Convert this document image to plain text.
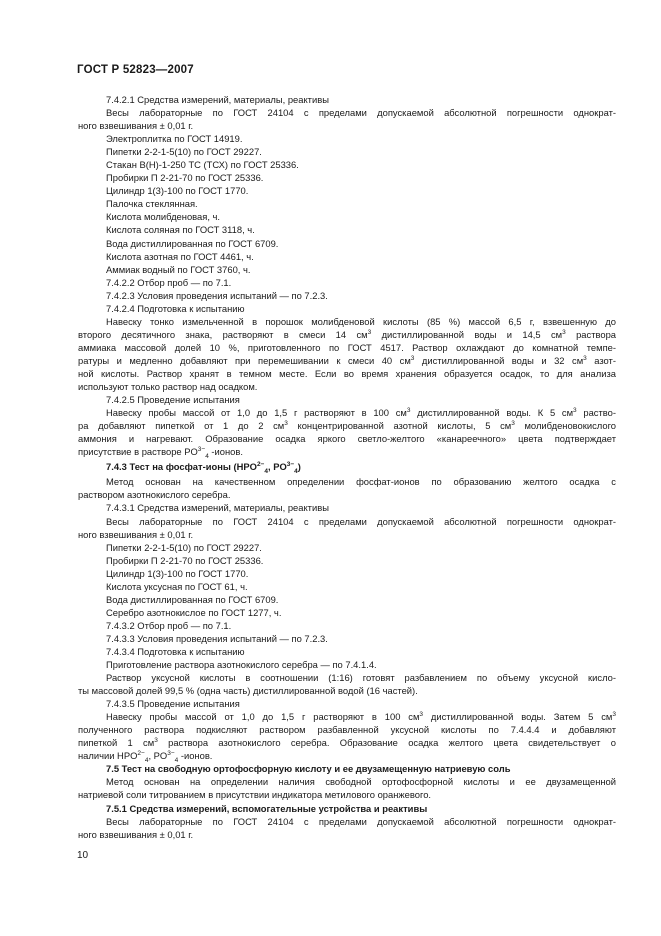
ГОСТ Р 52823—2007

7.4.2.1 Средства измерений, материалы, реактивы

Весы лабораторные по ГОСТ 24104 с пределами допускаемой абсолютной погрешности однократ-

ного взвешивания ± 0,01 г.

Электроплитка по ГОСТ 14919.

Пипетки 2-2-1-5(10) по ГОСТ 29227.

Стакан В(Н)-1-250 ТС (ТСХ) по ГОСТ 25336.

Пробирки П 2-21-70 по ГОСТ 25336.

Цилиндр 1(3)-100 по ГОСТ 1770.

Палочка стеклянная.

Кислота молибденовая, ч.

Кислота соляная по ГОСТ 3118, ч.

Вода дистиллированная по ГОСТ 6709.

Кислота азотная по ГОСТ 4461, ч.

Аммиак водный по ГОСТ 3760, ч.

7.4.2.2 Отбор проб — по 7.1.

7.4.2.3 Условия проведения испытаний — по 7.2.3.

7.4.2.4 Подготовка к испытанию

Навеску тонко измельченной в порошок молибденовой кислоты (85 %) массой 6,5 г, взвешенную до

второго десятичного знака, растворяют в смеси 14 $см^3$ дистиллированной воды и 14,5 $см^3$ раствора

аммиака массовой долей 10 %, приготовленного по ГОСТ 4517. Раствор охлаждают до комнатной темпе-

ратуры и медленно добавляют при перемешивании к смеси 40 $см^3$ дистиллированной воды и 32 $см^3$ азот-

ной кислоты. Раствор хранят в темном месте. Если во время хранения образуется осадок, то для анализа

используют только раствор над осадком.

7.4.2.5 Проведение испытания

Навеску пробы массой от 1,0 до 1,5 г растворяют в 100 $см^3$ дистиллированной воды. К 5 $см^3$ раство-

ра добавляют пипеткой от 1 до 2 $см^3$ концентрированной азотной кислоты, 5 $см^3$ молибденовокислого

аммония и нагревают. Образование осадка яркого светло-желтого «канареечного» цвета подтверждает

присутствие в растворе $PO^{3-}_4$ -ионов.

7.4.3 Тест на фосфат-ионы ($HPO^{2-}_4$, $PO^{3-}_4$)

Метод основан на качественном определении фосфат-ионов по образованию желтого осадка с

раствором азотнокислого серебра.

7.4.3.1 Средства измерений, материалы, реактивы

Весы лабораторные по ГОСТ 24104 с пределами допускаемой абсолютной погрешности однократ-

ного взвешивания ± 0,01 г.

Пипетки 2-2-1-5(10) по ГОСТ 29227.

Пробирки П 2-21-70 по ГОСТ 25336.

Цилиндр 1(3)-100 по ГОСТ 1770.

Кислота уксусная по ГОСТ 61, ч.

Вода дистиллированная по ГОСТ 6709.

Серебро азотнокислое по ГОСТ 1277, ч.

7.4.3.2 Отбор проб — по 7.1.

7.4.3.3 Условия проведения испытаний — по 7.2.3.

7.4.3.4 Подготовка к испытанию

Приготовление раствора азотнокислого серебра — по 7.4.1.4.

Раствор уксусной кислоты в соотношении (1:16) готовят разбавлением по объему уксусной кисло-

ты массовой долей 99,5 % (одна часть) дистиллированной водой (16 частей).

7.4.3.5 Проведение испытания

Навеску пробы массой от 1,0 до 1,5 г растворяют в 100 $см^3$ дистиллированной воды. Затем 5 $см^3$

полученного раствора подкисляют раствором разбавленной уксусной кислоты по 7.4.4.4 и добавляют

пипеткой 1 $см^3$ раствора азотнокислого серебра. Образование осадка желтого цвета свидетельствует о

наличии $HPO^{2-}_4$, $PO^{3-}_4$ -ионов.

7.5 Тест на свободную ортофосфорную кислоту и ее двузамещенную натриевую соль

Метод основан на определении наличия свободной ортофосфорной кислоты и ее двузамещенной

натриевой соли титрованием в присутствии индикатора метилового оранжевого.

7.5.1 Средства измерений, вспомогательные устройства и реактивы

Весы лабораторные по ГОСТ 24104 с пределами допускаемой абсолютной погрешности однократ-

ного взвешивания ± 0,01 г.

10
